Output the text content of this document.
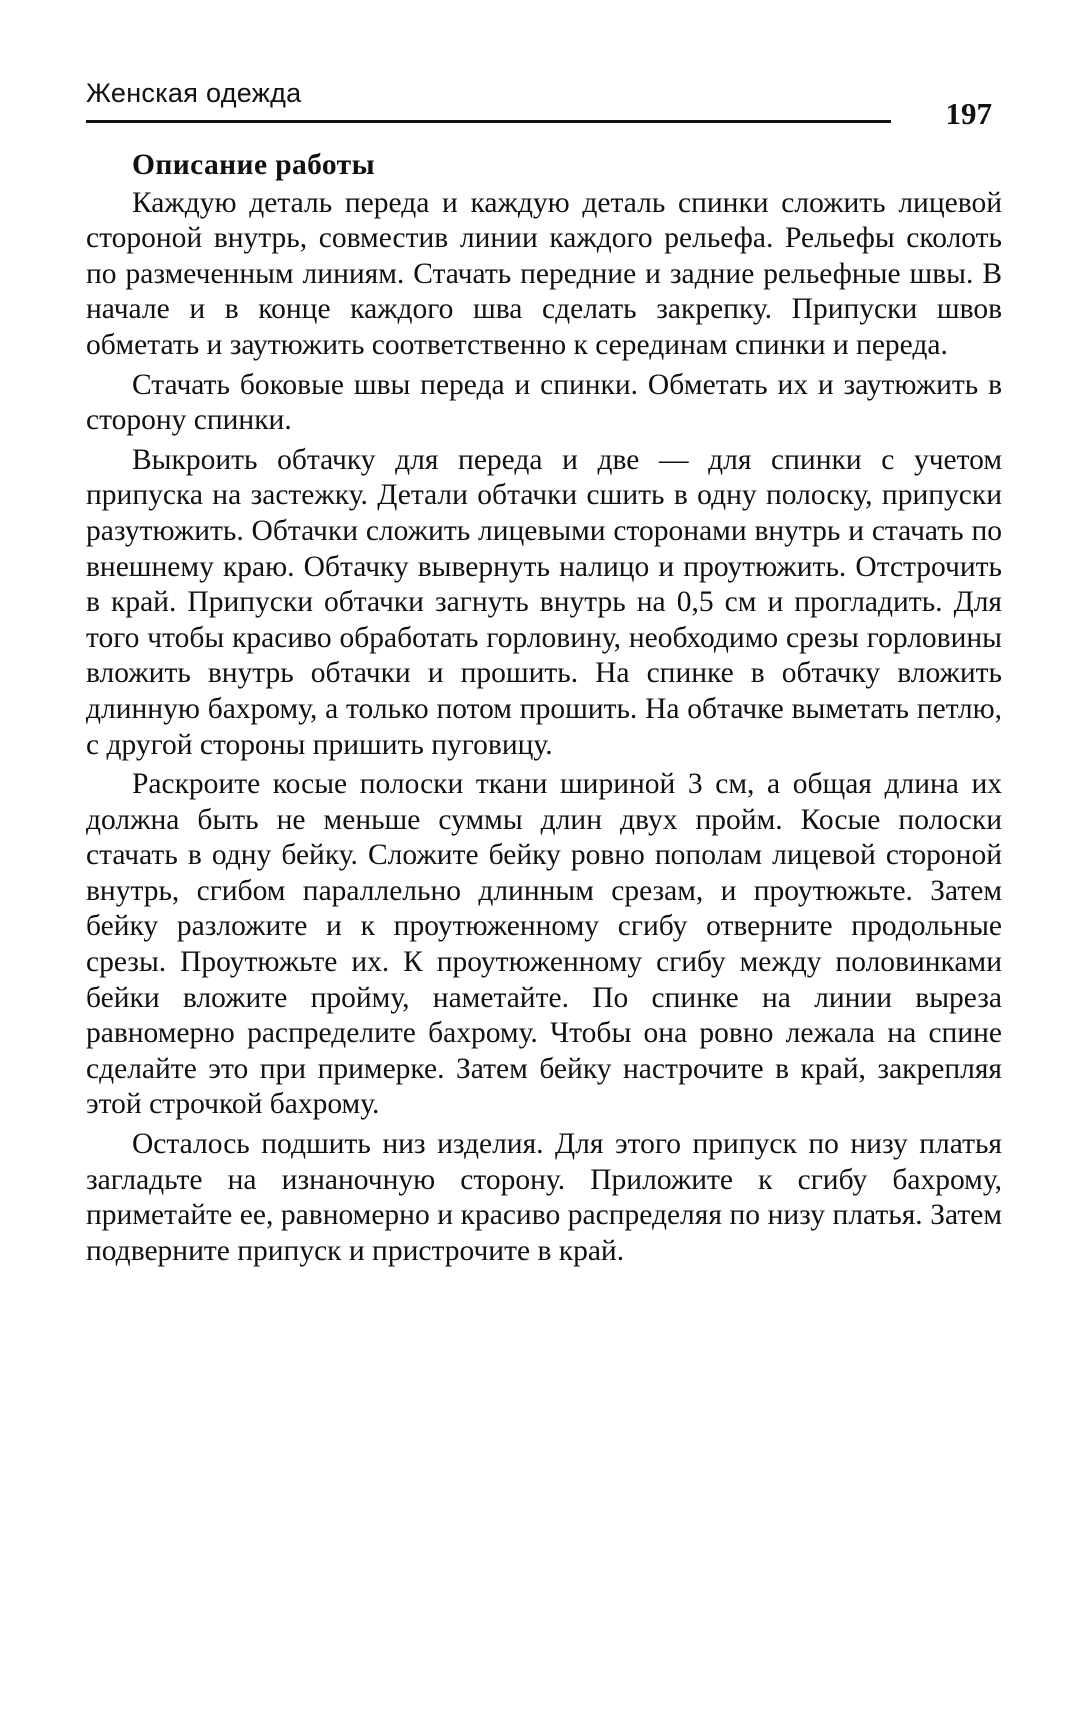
Женская одежда
197
Описание работы

Каждую деталь переда и каждую деталь спинки сложить лицевой стороной внутрь, совместив линии каждого рельефа. Рельефы сколоть по размеченным линиям. Стачать передние и задние рельефные швы. В начале и в конце каждого шва сделать закрепку. Припуски швов обметать и заутюжить соответственно к серединам спинки и переда.

Стачать боковые швы переда и спинки. Обметать их и заутюжить в сторону спинки.

Выкроить обтачку для переда и две — для спинки с учетом припуска на застежку. Детали обтачки сшить в одну полоску, припуски разутюжить. Обтачки сложить лицевыми сторонами внутрь и стачать по внешнему краю. Обтачку вывернуть налицо и проутюжить. Отстрочить в край. Припуски обтачки загнуть внутрь на 0,5 см и прогладить. Для того чтобы красиво обработать горловину, необходимо срезы горловины вложить внутрь обтачки и прошить. На спинке в обтачку вложить длинную бахрому, а только потом прошить. На обтачке выметать петлю, с другой стороны пришить пуговицу.

Раскроите косые полоски ткани шириной 3 см, а общая длина их должна быть не меньше суммы длин двух пройм. Косые полоски стачать в одну бейку. Сложите бейку ровно пополам лицевой стороной внутрь, сгибом параллельно длинным срезам, и проутюжьте. Затем бейку разложите и к проутюженному сгибу отверните продольные срезы. Проутюжьте их. К проутюженному сгибу между половинками бейки вложите пройму, наметайте. По спинке на линии выреза равномерно распределите бахрому. Чтобы она ровно лежала на спине сделайте это при примерке. Затем бейку настрочите в край, закрепляя этой строчкой бахрому.

Осталось подшить низ изделия. Для этого припуск по низу платья загладьте на изнаночную сторону. Приложите к сгибу бахрому, приметайте ее, равномерно и красиво распределяя по низу платья. Затем подверните припуск и пристрочите в край.
